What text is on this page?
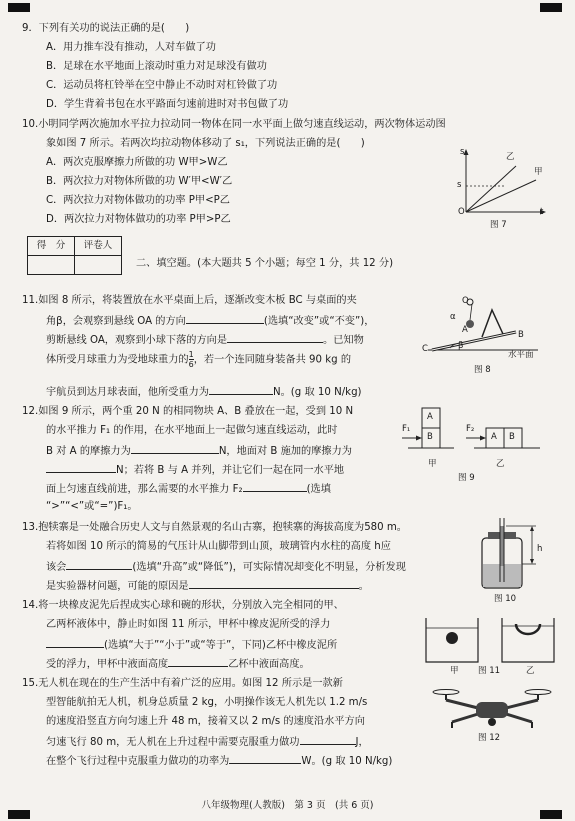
9．下列有关功的说法正确的是(　　)
A．用力推车没有推动，人对车做了功
B．足球在水平地面上滚动时重力对足球没有做功
C．运动员将杠铃举在空中静止不动时对杠铃做了功
D．学生背着书包在水平路面匀速前进时对书包做了功
10.小明同学两次施加水平拉力拉动同一物体在同一水平面上做匀速直线运动，两次物体运动图
象如图 7 所示。若两次均拉动物体移动了 s₁，下列说法正确的是(　　)
A．两次克服摩擦力所做的功 W甲>W乙
B．两次拉力对物体所做的功 W′甲<W′乙
C．两次拉力对物体做功的功率 P甲<P乙
D．两次拉力对物体做功的功率 P甲>P乙
s	乙
甲
s
O	t
图 7
得　分	评卷人

二、填空题。(本大题共 5 个小题；每空 1 分，共 12 分)
11.如图 8 所示，将装置放在水平桌面上后，逐渐改变木板 BC 与桌面的夹
角β，会观察到悬线 OA 的方向	(选填“改变”或“不变”)，
剪断悬线 OA，观察到小球下落的方向是	。已知物
体所受月球重力为受地球重力的 $\frac{1}{6}$ ，若一个连同随身装备共 90 kg 的
宇航员到达月球表面，他所受重力为	N。(g 取 10 N/kg)
O
A
α
C	β
B
水平面
图 8
12.如图 9 所示，两个重 20 N 的相同物块 A、B 叠放在一起，受到 10 N
的水平推力 F₁ 的作用，在水平地面上一起做匀速直线运动，此时
B 对 A 的摩擦力为	N，地面对 B 施加的摩擦力为
N；若将 B 与 A 并列，并让它们一起在同一水平地
面上匀速直线前进，那么需要的水平推力 F₂	(选填
“>”“<”或“=”)F₁。
F₁
A
B
F₂
A B
甲	乙
图 9
13.抱犊寨是一处融合历史人文与自然景观的名山古寨，抱犊寨的海拔高度为580 m。
若将如图 10 所示的简易的气压计从山脚带到山顶，玻璃管内水柱的高度 h应
该会	(选填“升高”或“降低”)，可实际情况却变化不明显，分析发现
是实验器材问题，可能的原因是	。
h
图 10
14.将一块橡皮泥先后捏成实心球和碗的形状，分别放入完全相同的甲、
乙两杯液体中，静止时如图 11 所示，甲杯中橡皮泥所受的浮力
(选填“大于”“小于”或“等于”，下同)乙杯中橡皮泥所
受的浮力，甲杯中液面高度	乙杯中液面高度。
甲	乙
图 11
15.无人机在现在的生产生活中有着广泛的应用。如图 12 所示是一款新
型智能航拍无人机，机身总质量 2 kg，小明操作该无人机先以 1.2 m/s
的速度沿竖直方向匀速上升 48 m，接着又以 2 m/s 的速度沿水平方向
匀速飞行 80 m，无人机在上升过程中需要克服重力做功	J，
在整个飞行过程中克服重力做功的功率为	W。(g 取 10 N/kg)
图 12
八年级物理(人教版)　第 3 页　(共 6 页)
